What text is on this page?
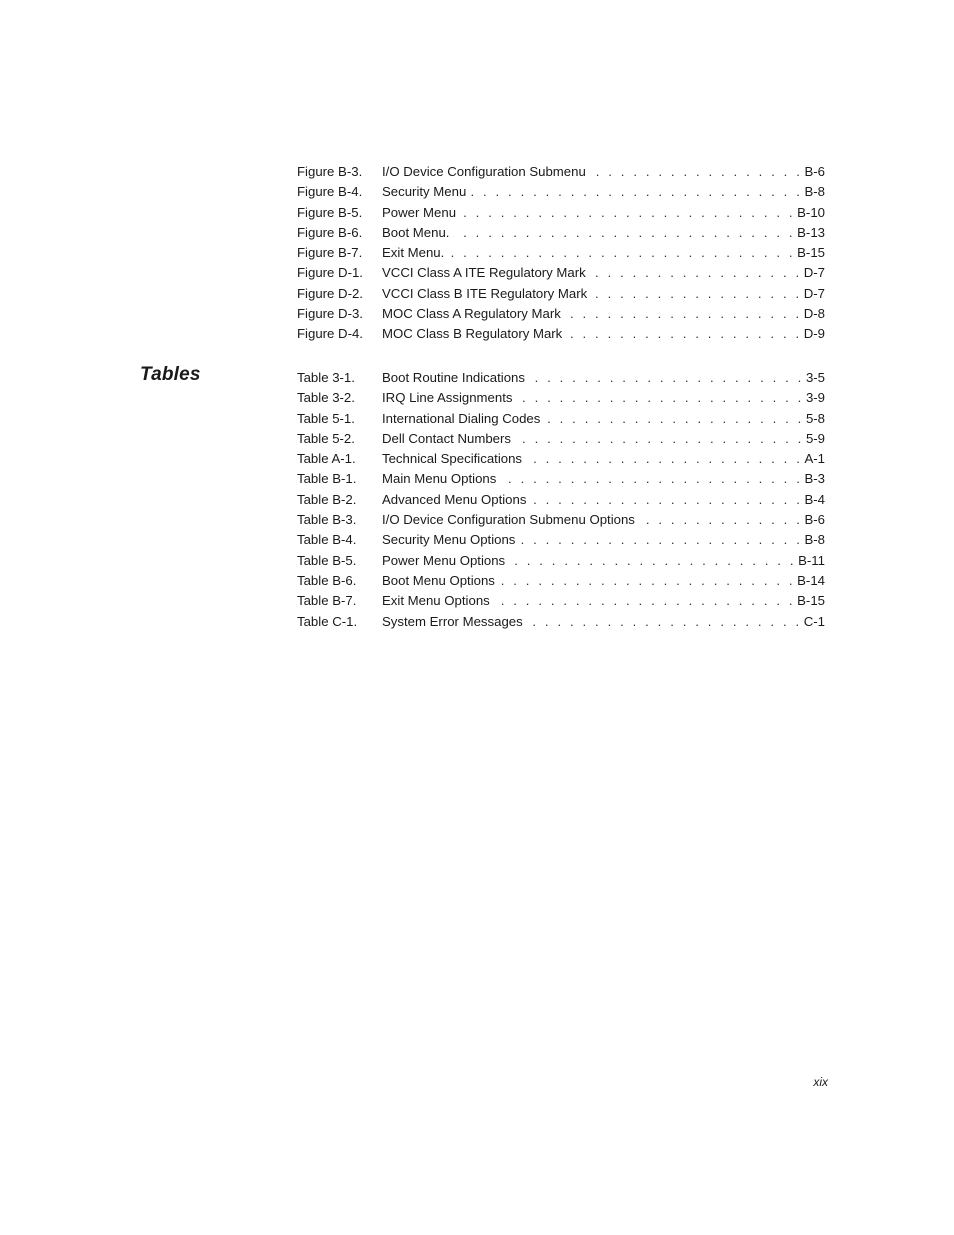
Figure B-3.	I/O Device Configuration Submenu . . .	B-6
Figure B-4.	Security Menu . . .	B-8
Figure B-5.	Power Menu . . .	B-10
Figure B-6.	Boot Menu. . . .	B-13
Figure B-7.	Exit Menu. . . .	B-15
Figure D-1.	VCCI Class A ITE Regulatory Mark . . .	D-7
Figure D-2.	VCCI Class B ITE Regulatory Mark . . .	D-7
Figure D-3.	MOC Class A Regulatory Mark . . .	D-8
Figure D-4.	MOC Class B Regulatory Mark . . .	D-9
Tables	Table 3-1.	Boot Routine Indications . . .	3-5
Table 3-2.	IRQ Line Assignments . . .	3-9
Table 5-1.	International Dialing Codes . . .	5-8
Table 5-2.	Dell Contact Numbers . . .	5-9
Table A-1.	Technical Specifications . . .	A-1
Table B-1.	Main Menu Options . . .	B-3
Table B-2.	Advanced Menu Options . . .	B-4
Table B-3.	I/O Device Configuration Submenu Options . . .	B-6
Table B-4.	Security Menu Options . . .	B-8
Table B-5.	Power Menu Options . . .	B-11
Table B-6.	Boot Menu Options . . .	B-14
Table B-7.	Exit Menu Options . . .	B-15
Table C-1.	System Error Messages . . .	C-1
xix
